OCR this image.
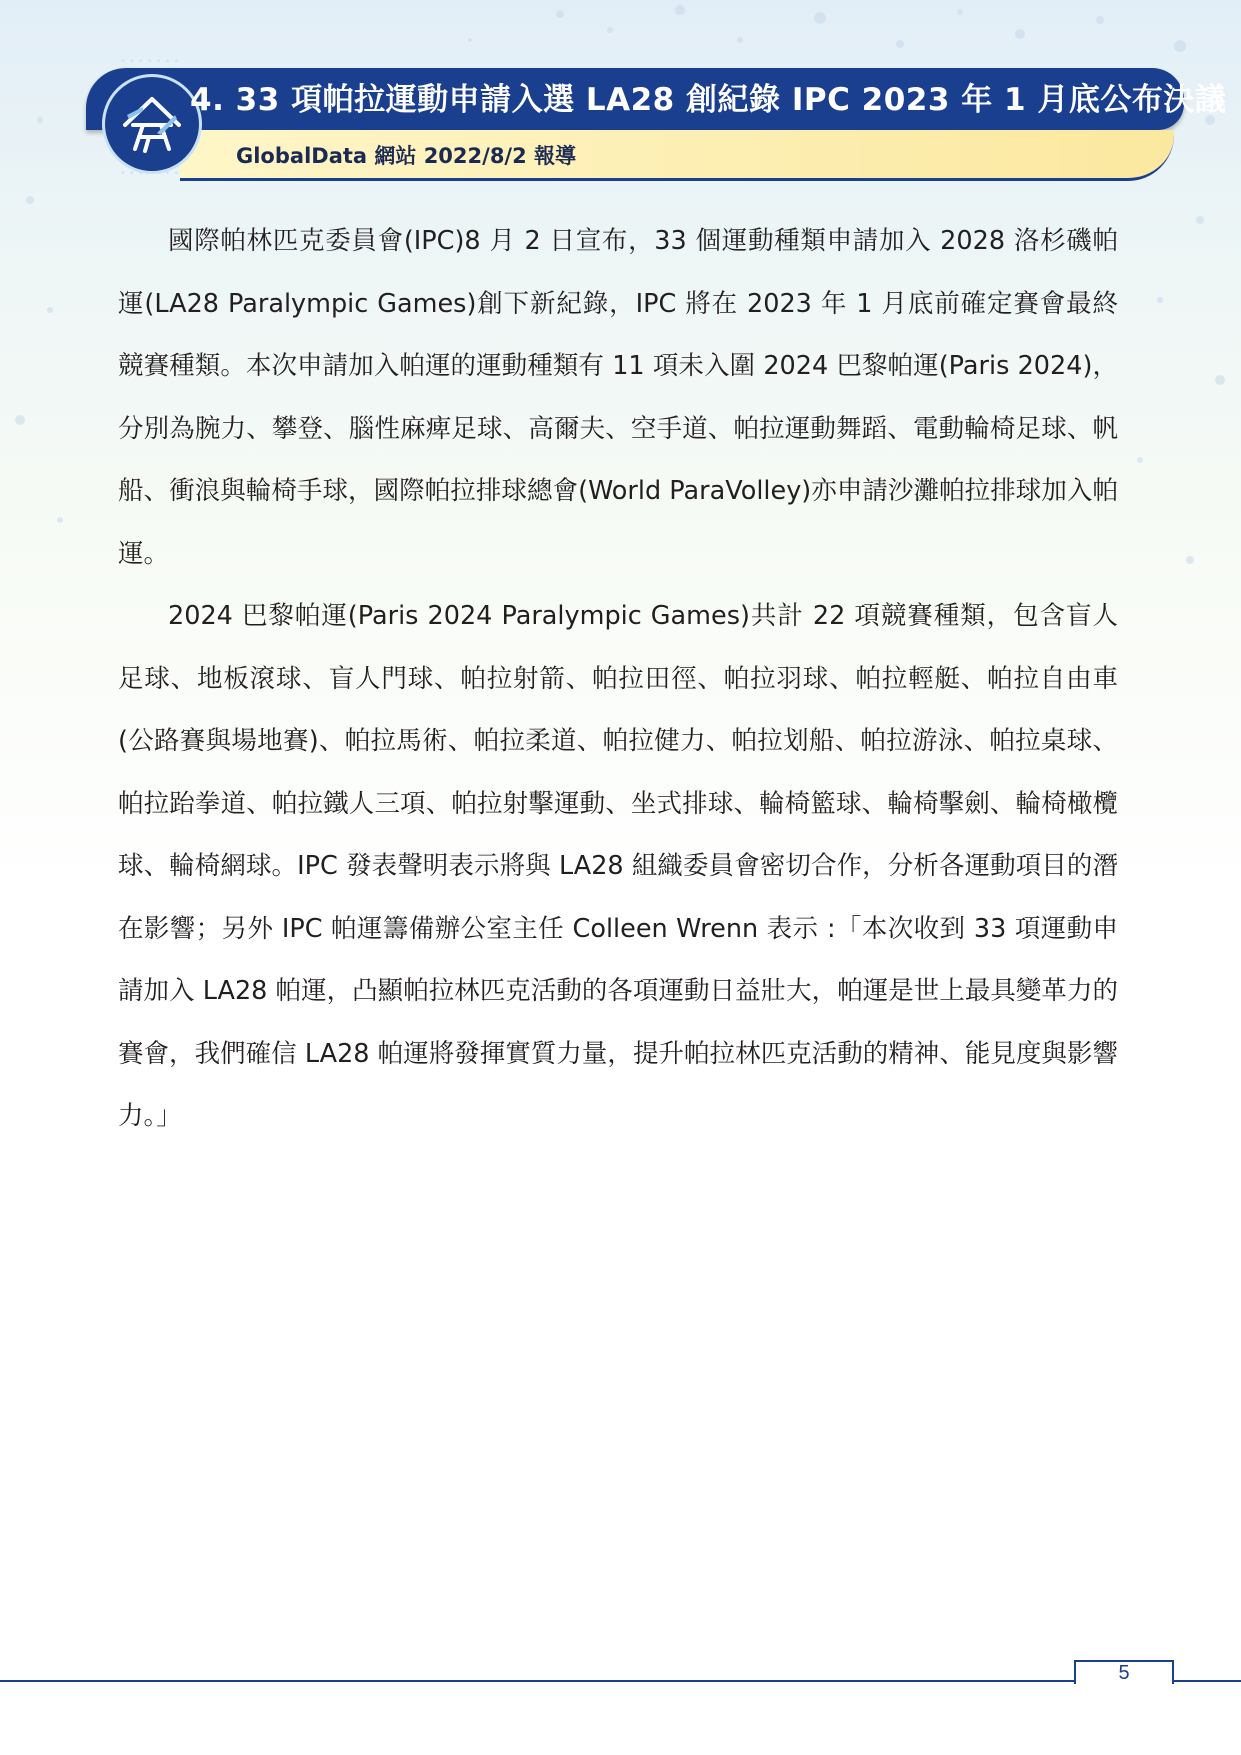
•••••••
•••••••
4. 33 項帕拉運動申請入選 LA28 創紀錄 IPC 2023 年 1 月底公布決議
GlobalData 網站 2022/8/2 報導

國際帕林匹克委員會(IPC)8 月 2 日宣布，33 個運動種類申請加入 2028 洛杉磯帕運(LA28 Paralympic Games)創下新紀錄，IPC 將在 2023 年 1 月底前確定賽會最終競賽種類。本次申請加入帕運的運動種類有 11 項未入圍 2024 巴黎帕運(Paris 2024)，分別為腕力、攀登、腦性麻痺足球、高爾夫、空手道、帕拉運動舞蹈、電動輪椅足球、帆船、衝浪與輪椅手球，國際帕拉排球總會(World ParaVolley)亦申請沙灘帕拉排球加入帕運。

2024 巴黎帕運(Paris 2024 Paralympic Games)共計 22 項競賽種類，包含盲人足球、地板滾球、盲人門球、帕拉射箭、帕拉田徑、帕拉羽球、帕拉輕艇、帕拉自由車(公路賽與場地賽)、帕拉馬術、帕拉柔道、帕拉健力、帕拉划船、帕拉游泳、帕拉桌球、帕拉跆拳道、帕拉鐵人三項、帕拉射擊運動、坐式排球、輪椅籃球、輪椅擊劍、輪椅橄欖球、輪椅網球。IPC 發表聲明表示將與 LA28 組織委員會密切合作，分析各運動項目的潛在影響；另外 IPC 帕運籌備辦公室主任 Colleen Wrenn 表示 :「本次收到 33 項運動申請加入 LA28 帕運，凸顯帕拉林匹克活動的各項運動日益壯大，帕運是世上最具變革力的賽會，我們確信 LA28 帕運將發揮實質力量，提升帕拉林匹克活動的精神、能見度與影響力。」

5
